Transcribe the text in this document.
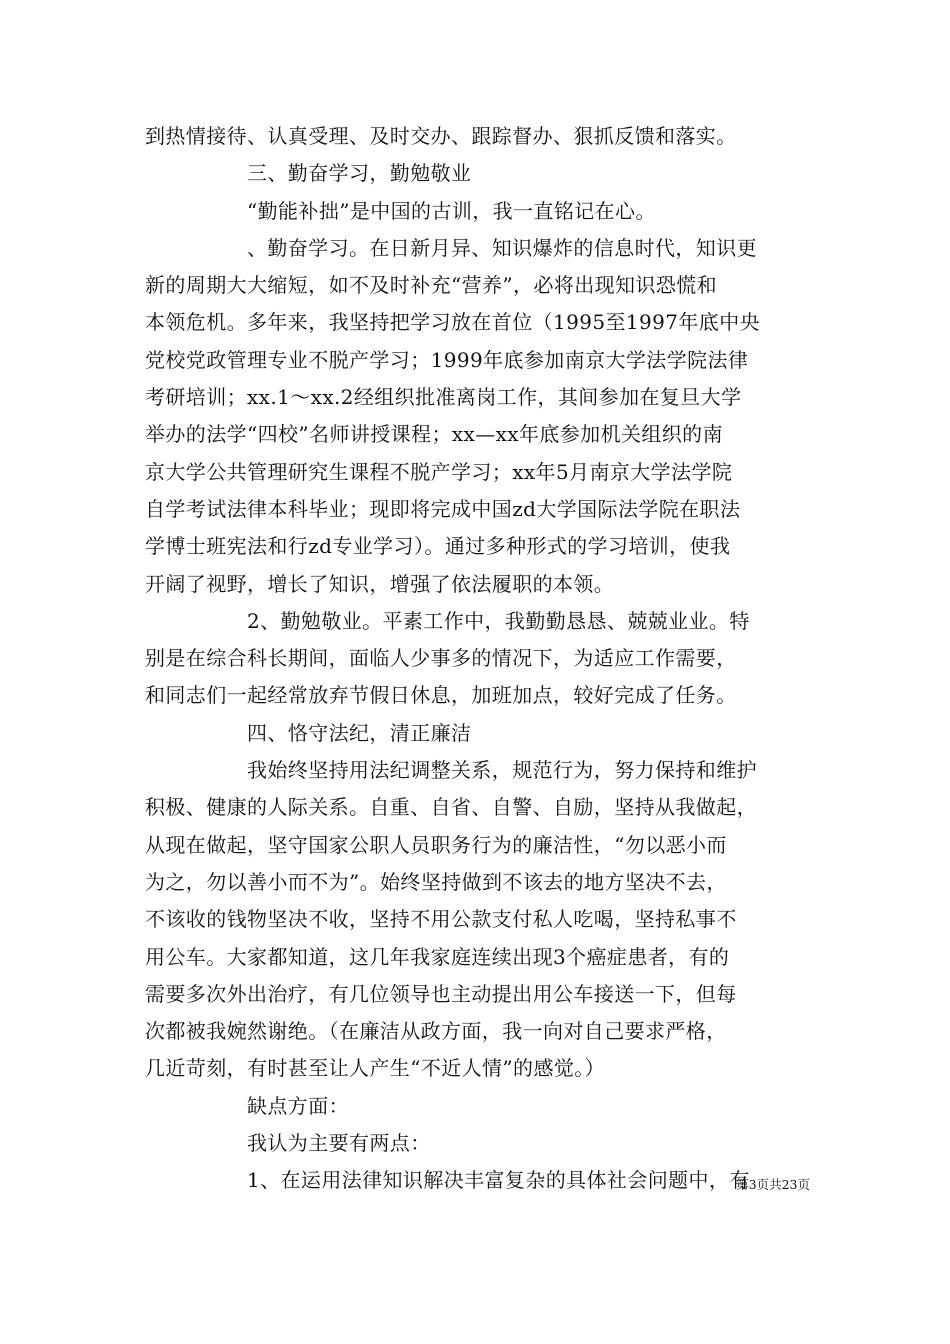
到热情接待、认真受理、及时交办、跟踪督办、狠抓反馈和落实。
三、勤奋学习，勤勉敬业
“勤能补拙”是中国的古训，我一直铭记在心。
、勤奋学习。在日新月异、知识爆炸的信息时代，知识更
新的周期大大缩短，如不及时补充“营养”，必将出现知识恐慌和
本领危机。多年来，我坚持把学习放在首位（1995至1997年底中央
党校党政管理专业不脱产学习；1999年底参加南京大学法学院法律
考研培训；xx.1～xx.2经组织批准离岗工作，其间参加在复旦大学
举办的法学“四校”名师讲授课程；xx—xx年底参加机关组织的南
京大学公共管理研究生课程不脱产学习；xx年5月南京大学法学院
自学考试法律本科毕业；现即将完成中国zd大学国际法学院在职法
学博士班宪法和行zd专业学习）。通过多种形式的学习培训，使我
开阔了视野，增长了知识，增强了依法履职的本领。
2、勤勉敬业。平素工作中，我勤勤恳恳、兢兢业业。特
别是在综合科长期间，面临人少事多的情况下，为适应工作需要，
和同志们一起经常放弃节假日休息，加班加点，较好完成了任务。
四、恪守法纪，清正廉洁
我始终坚持用法纪调整关系，规范行为，努力保持和维护
积极、健康的人际关系。自重、自省、自警、自励，坚持从我做起，
从现在做起，坚守国家公职人员职务行为的廉洁性，“勿以恶小而
为之，勿以善小而不为”。始终坚持做到不该去的地方坚决不去，
不该收的钱物坚决不收，坚持不用公款支付私人吃喝，坚持私事不
用公车。大家都知道，这几年我家庭连续出现3个癌症患者，有的
需要多次外出治疗，有几位领导也主动提出用公车接送一下，但每
次都被我婉然谢绝。（在廉洁从政方面，我一向对自己要求严格，
几近苛刻，有时甚至让人产生“不近人情”的感觉。）
缺点方面：
我认为主要有两点：
1、在运用法律知识解决丰富复杂的具体社会问题中，有
第3页共23页
